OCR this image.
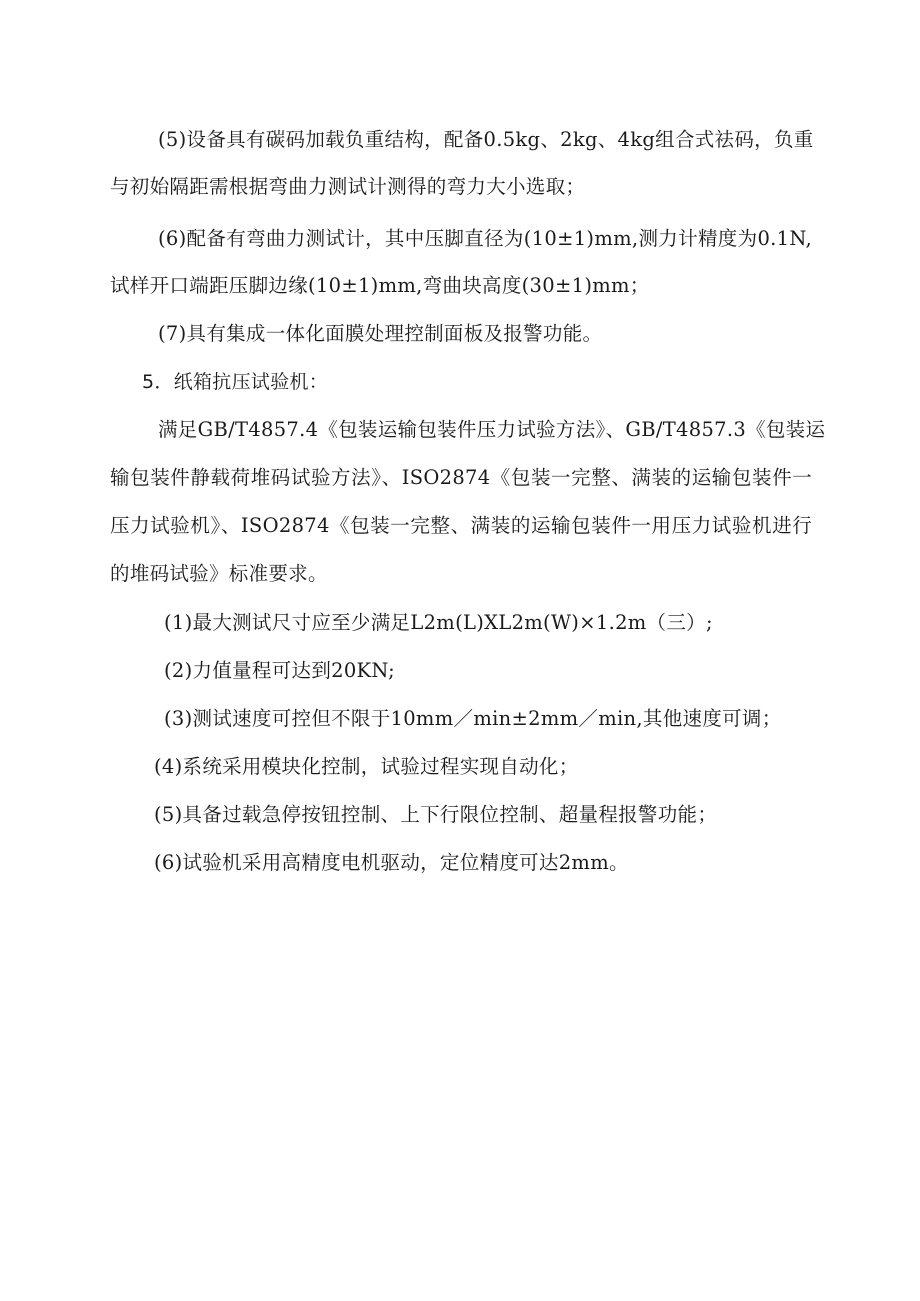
(5)设备具有碳码加载负重结构，配备0.5kg、2kg、4kg组合式祛码，负重
与初始隔距需根据弯曲力测试计测得的弯力大小选取；
(6)配备有弯曲力测试计，其中压脚直径为(10±1)mm,测力计精度为0.1N,
试样开口端距压脚边缘(10±1)mm,弯曲块高度(30±1)mm；
(7)具有集成一体化面膜处理控制面板及报警功能。
5．纸箱抗压试验机：
满足GB/T4857.4《包装运输包装件压力试验方法》、GB/T4857.3《包装运
输包装件静载荷堆码试验方法》、ISO2874《包装一完整、满装的运输包装件一
压力试验机》、ISO2874《包装一完整、满装的运输包装件一用压力试验机进行
的堆码试验》标准要求。
(1)最大测试尺寸应至少满足L2m(L)XL2m(W)×1.2m（三）;
(2)力值量程可达到20KN;
(3)测试速度可控但不限于10mm／min±2mm／min,其他速度可调；
(4)系统采用模块化控制，试验过程实现自动化；
(5)具备过载急停按钮控制、上下行限位控制、超量程报警功能；
(6)试验机采用高精度电机驱动，定位精度可达2mm。
